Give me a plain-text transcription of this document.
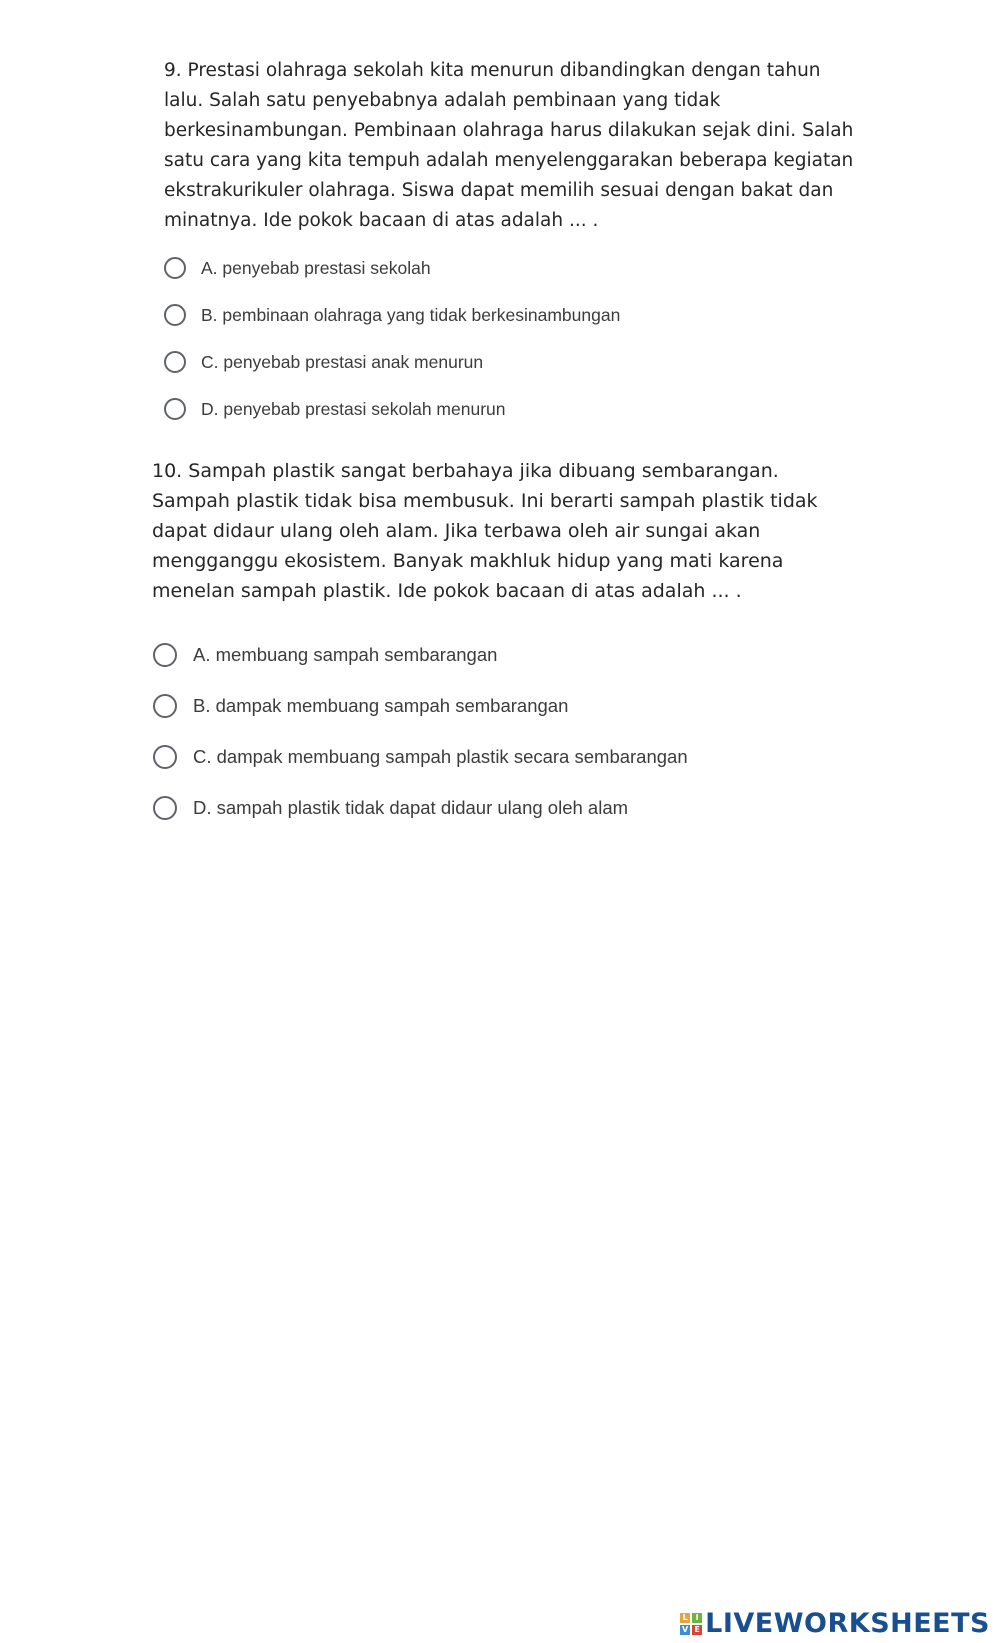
9. Prestasi olahraga sekolah kita menurun dibandingkan dengan tahun lalu. Salah satu penyebabnya adalah pembinaan yang tidak berkesinambungan. Pembinaan olahraga harus dilakukan sejak dini. Salah satu cara yang kita tempuh adalah menyelenggarakan beberapa kegiatan ekstrakurikuler olahraga. Siswa dapat memilih sesuai dengan bakat dan minatnya. Ide pokok bacaan di atas adalah ... .

A. penyebab prestasi sekolah
B. pembinaan olahraga yang tidak berkesinambungan
C. penyebab prestasi anak menurun
D. penyebab prestasi sekolah menurun

10. Sampah plastik sangat berbahaya jika dibuang sembarangan. Sampah plastik tidak bisa membusuk. Ini berarti sampah plastik tidak dapat didaur ulang oleh alam. Jika terbawa oleh air sungai akan mengganggu ekosistem. Banyak makhluk hidup yang mati karena menelan sampah plastik. Ide pokok bacaan di atas adalah ... .

A. membuang sampah sembarangan
B. dampak membuang sampah sembarangan
C. dampak membuang sampah plastik secara sembarangan
D. sampah plastik tidak dapat didaur ulang oleh alam
L I
V E LIVEWORKSHEETS
